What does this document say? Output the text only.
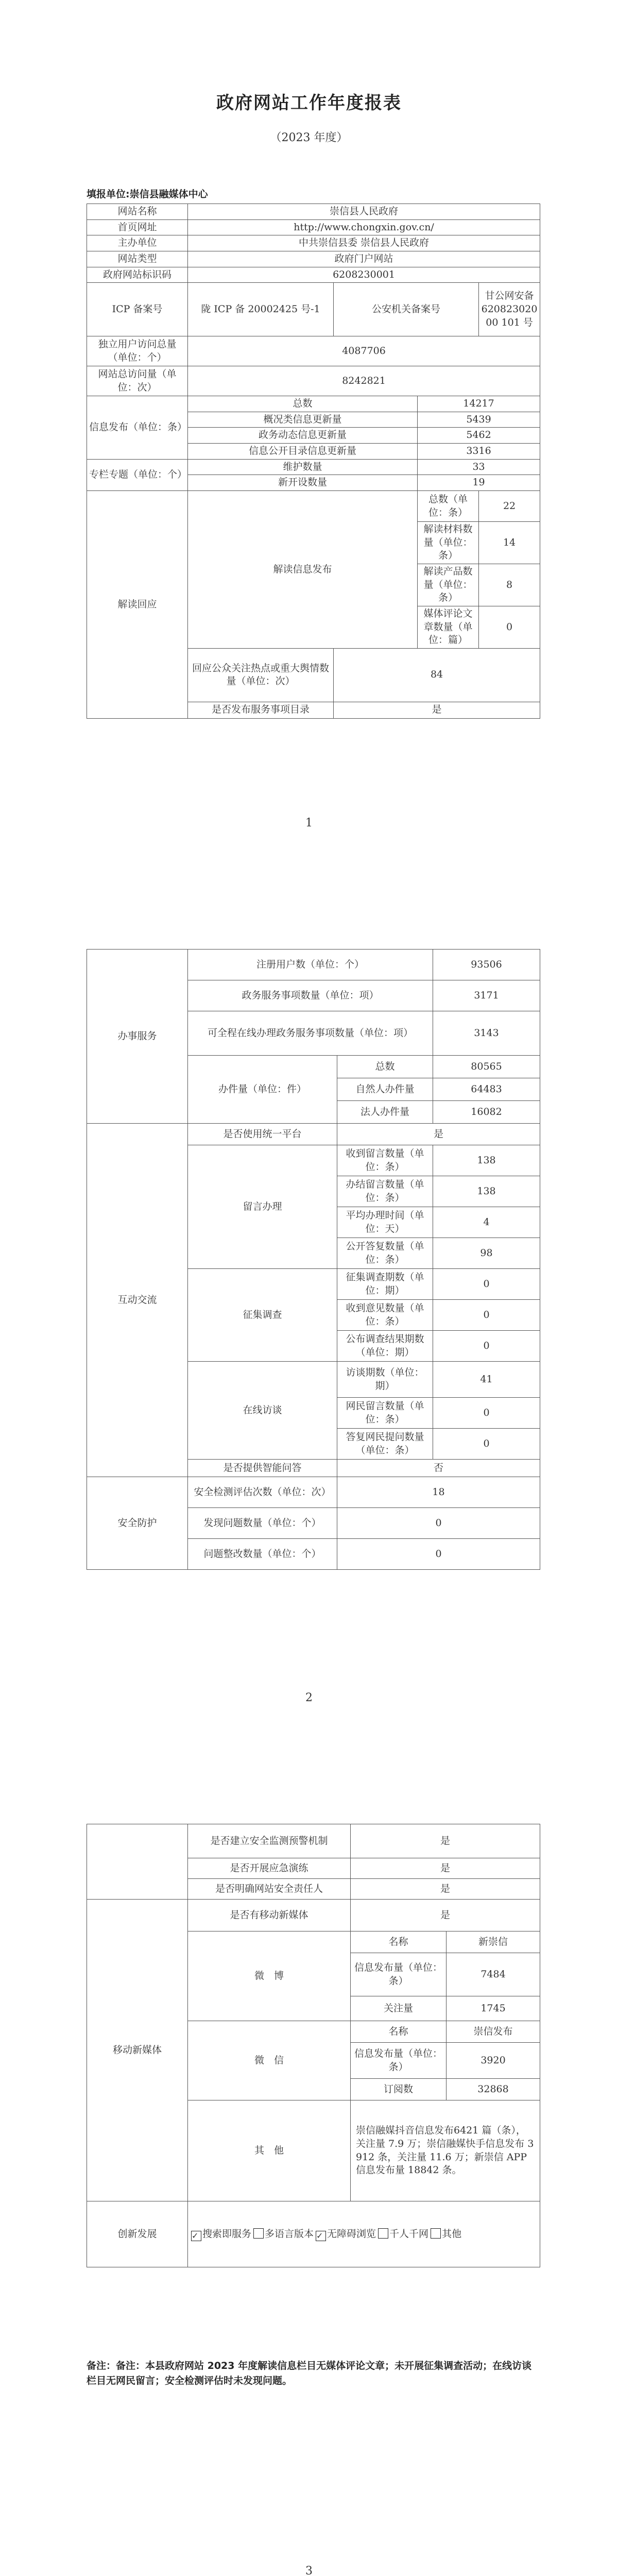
政府网站工作年度报表
（2023 年度）
填报单位:崇信县融媒体中心
网站名称	崇信县人民政府			
首页网址	http://www.chongxin.gov.cn/			
主办单位	中共崇信县委 崇信县人民政府			
网站类型	政府门户网站			
政府网站标识码	6208230001			
ICP 备案号	陇 ICP 备 20002425 号-1	公安机关备案号		甘公网安备 62082302000 101 号
独立用户访问总量（单位：个）	4087706			
网站总访问量（单位：次）	8242821			
信息发布（单位：条）	总数		14217	
	概况类信息更新量		5439	
	政务动态信息更新量		5462	
	信息公开目录信息更新量		3316	
专栏专题（单位：个）	维护数量		33	
	新开设数量		19	
解读回应	解读信息发布		总数（单位：条）	22
			解读材料数量（单位：条）	14
			解读产品数量（单位：条）	8
			媒体评论文章数量（单位：篇）	0
	回应公众关注热点或重大舆情数量（单位：次）	84		
	是否发布服务事项目录	是		
1
办事服务	注册用户数（单位：个）		93506
	政务服务事项数量（单位：项）		3171
	可全程在线办理政务服务事项数量（单位：项）		3143
	办件量（单位：件）	总数	80565
		自然人办件量	64483
		法人办件量	16082
互动交流	是否使用统一平台	是	
	留言办理	收到留言数量（单位：条）	138
		办结留言数量（单位：条）	138
		平均办理时间（单位：天）	4
		公开答复数量（单位：条）	98
	征集调查	征集调查期数（单位：期）	0
		收到意见数量（单位：条）	0
		公布调查结果期数（单位：期）	0
	在线访谈	访谈期数（单位：期）	41
		网民留言数量（单位：条）	0
		答复网民提问数量（单位：条）	0
	是否提供智能问答	否	
安全防护	安全检测评估次数（单位：次）	18	
	发现问题数量（单位：个）	0	
	问题整改数量（单位：个）	0	
2
	是否建立安全监测预警机制	是	
	是否开展应急演练	是	
	是否明确网站安全责任人	是	
移动新媒体	是否有移动新媒体	是	
	微　博	名称	新崇信
		信息发布量（单位：条）	7484
		关注量	1745
	微　信	名称	崇信发布
		信息发布量（单位：条）	3920
		订阅数	32868
	其　他	崇信融媒抖音信息发布6421 篇（条），关注量 7.9 万；崇信融媒快手信息发布 3912 条，关注量 11.6 万；新崇信 APP 信息发布量 18842 条。	
创新发展	✓ 搜索即服务 多语言版本 ✓ 无障碍浏览 千人千网 其他		
备注：备注：本县政府网站 2023 年度解读信息栏目无媒体评论文章；未开展征集调查活动；在线访谈栏目无网民留言；安全检测评估时未发现问题。
3
